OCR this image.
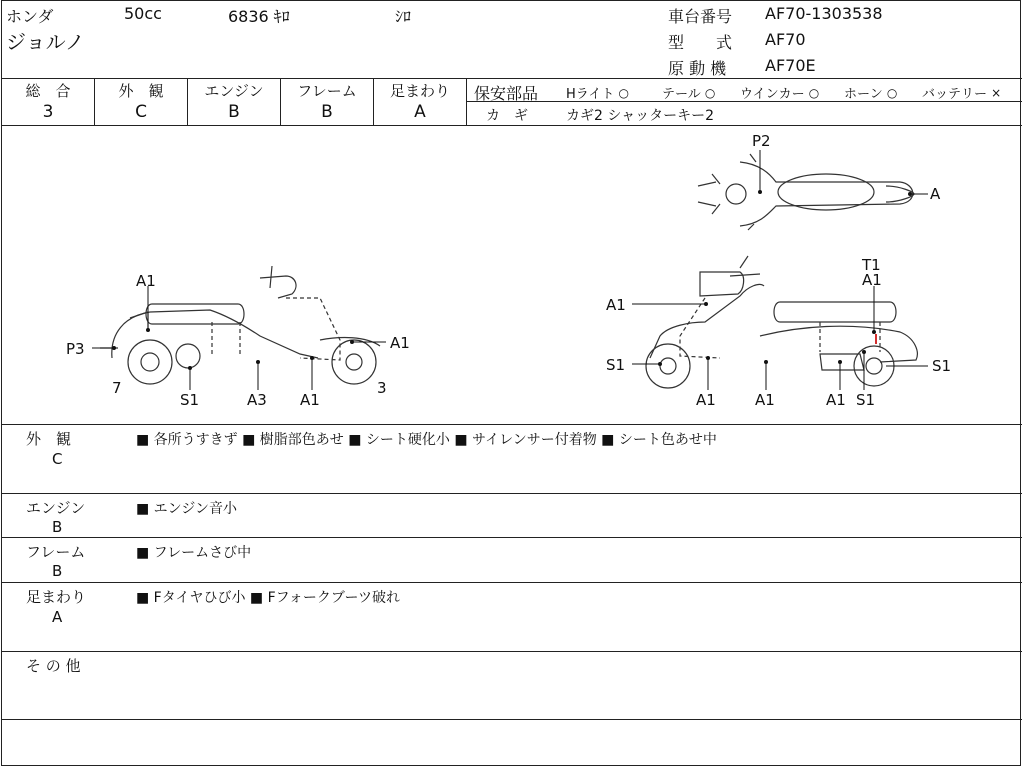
ホンダ	50cc	6836 ｷﾛ	ｼﾛ
ジョルノ
車台番号 AF70-1303538
型　　式 AF70
原 動 機 AF70E
総　合
3
外　観
C
エンジン
B
フレーム
B
足まわり
A
保安部品 Hライト ○	テール ○ ウインカー ○ ホーン ○ バッテリー ×
カ　ギ	カギ2 シャッターキー2
A1
P3
7
S1	A3 A1
A1
3
A1
S1
A1	A1	A1 S1
T1
A1
S1
P2
A
外　観
C
■ 各所うすきず ■ 樹脂部色あせ ■ シート硬化小 ■ サイレンサー付着物 ■ シート色あせ中
エンジン
B
■ エンジン音小
フレーム
B
■ フレームさび中
足まわり
A
■ Fタイヤひび小 ■ Fフォークブーツ破れ
そ の 他
